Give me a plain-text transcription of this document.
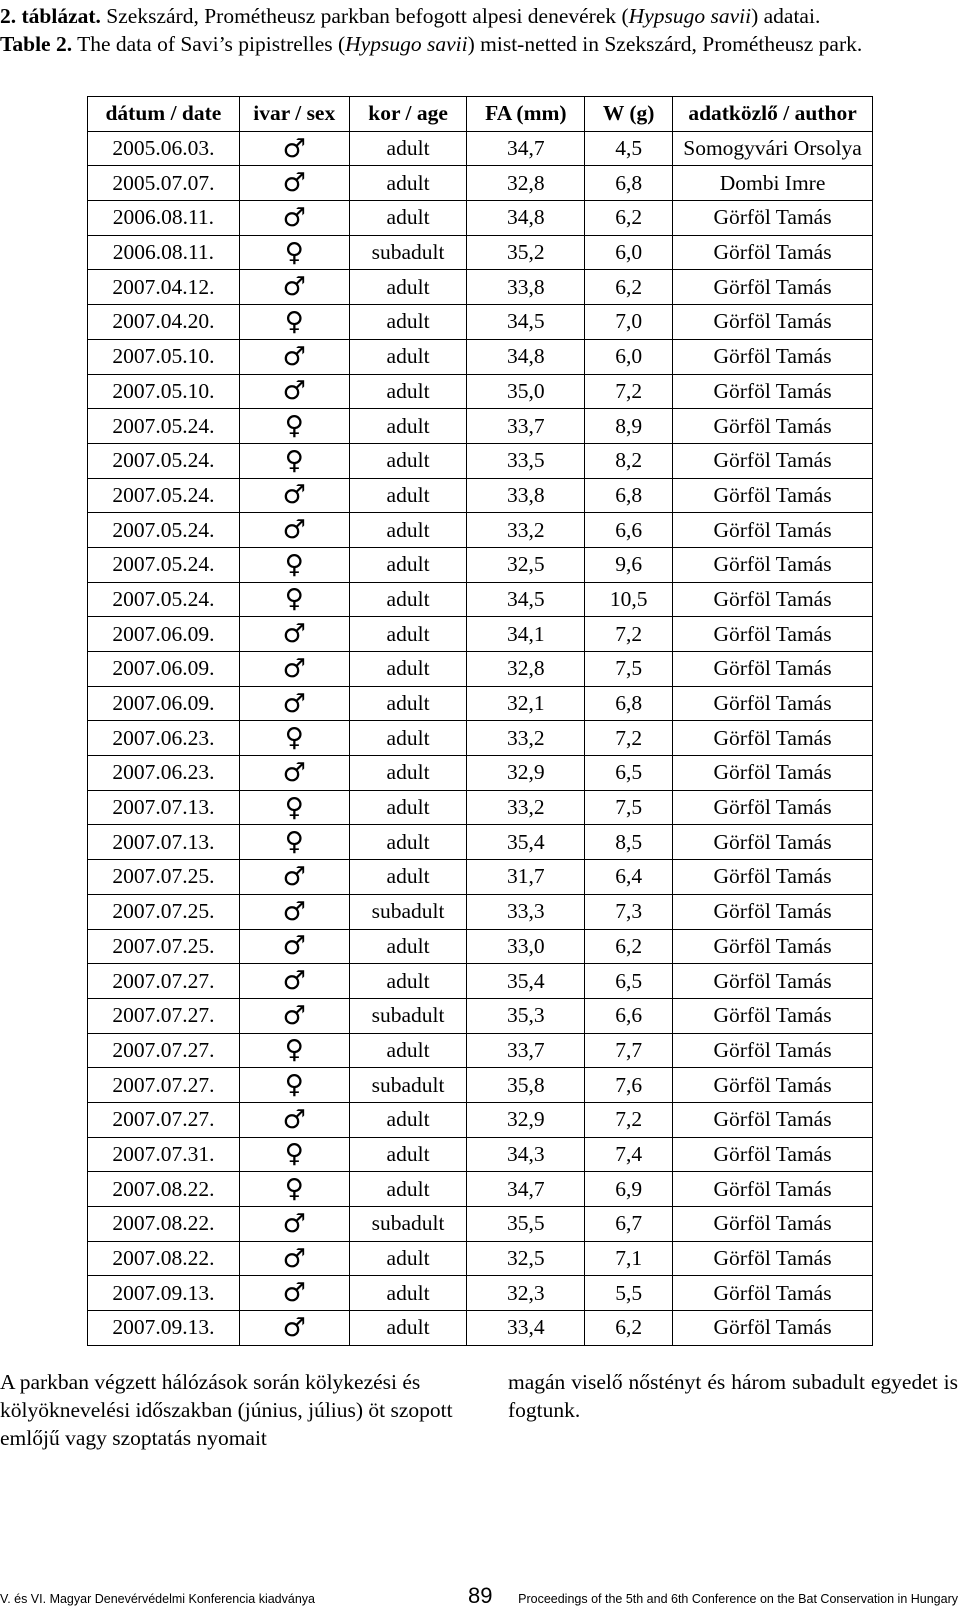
2. táblázat. Szekszárd, Prométheusz parkban befogott alpesi denevérek (Hypsugo savii) adatai.
Table 2. The data of Savi’s pipistrelles (Hypsugo savii) mist-netted in Szekszárd, Prométheusz park.
dátum / date	ivar / sex	kor / age	FA (mm)	W (g)	adatközlő / author
2005.06.03.	♂	adult	34,7	4,5	Somogyvári Orsolya
2005.07.07.	♂	adult	32,8	6,8	Dombi Imre
2006.08.11.	♂	adult	34,8	6,2	Görföl Tamás
2006.08.11.	♀	subadult	35,2	6,0	Görföl Tamás
2007.04.12.	♂	adult	33,8	6,2	Görföl Tamás
2007.04.20.	♀	adult	34,5	7,0	Görföl Tamás
2007.05.10.	♂	adult	34,8	6,0	Görföl Tamás
2007.05.10.	♂	adult	35,0	7,2	Görföl Tamás
2007.05.24.	♀	adult	33,7	8,9	Görföl Tamás
2007.05.24.	♀	adult	33,5	8,2	Görföl Tamás
2007.05.24.	♂	adult	33,8	6,8	Görföl Tamás
2007.05.24.	♂	adult	33,2	6,6	Görföl Tamás
2007.05.24.	♀	adult	32,5	9,6	Görföl Tamás
2007.05.24.	♀	adult	34,5	10,5	Görföl Tamás
2007.06.09.	♂	adult	34,1	7,2	Görföl Tamás
2007.06.09.	♂	adult	32,8	7,5	Görföl Tamás
2007.06.09.	♂	adult	32,1	6,8	Görföl Tamás
2007.06.23.	♀	adult	33,2	7,2	Görföl Tamás
2007.06.23.	♂	adult	32,9	6,5	Görföl Tamás
2007.07.13.	♀	adult	33,2	7,5	Görföl Tamás
2007.07.13.	♀	adult	35,4	8,5	Görföl Tamás
2007.07.25.	♂	adult	31,7	6,4	Görföl Tamás
2007.07.25.	♂	subadult	33,3	7,3	Görföl Tamás
2007.07.25.	♂	adult	33,0	6,2	Görföl Tamás
2007.07.27.	♂	adult	35,4	6,5	Görföl Tamás
2007.07.27.	♂	subadult	35,3	6,6	Görföl Tamás
2007.07.27.	♀	adult	33,7	7,7	Görföl Tamás
2007.07.27.	♀	subadult	35,8	7,6	Görföl Tamás
2007.07.27.	♂	adult	32,9	7,2	Görföl Tamás
2007.07.31.	♀	adult	34,3	7,4	Görföl Tamás
2007.08.22.	♀	adult	34,7	6,9	Görföl Tamás
2007.08.22.	♂	subadult	35,5	6,7	Görföl Tamás
2007.08.22.	♂	adult	32,5	7,1	Görföl Tamás
2007.09.13.	♂	adult	32,3	5,5	Görföl Tamás
2007.09.13.	♂	adult	33,4	6,2	Görföl Tamás
A parkban végzett hálózások során kölykezési és kölyöknevelési időszakban (június, július) öt szopott emlőjű vagy szoptatás nyomait
magán viselő nőstényt és három subadult egyedet is fogtunk.
V. és VI. Magyar Denevérvédelmi Konferencia kiadványa	89 Proceedings of the 5th and 6th Conference on the Bat Conservation in Hungary
